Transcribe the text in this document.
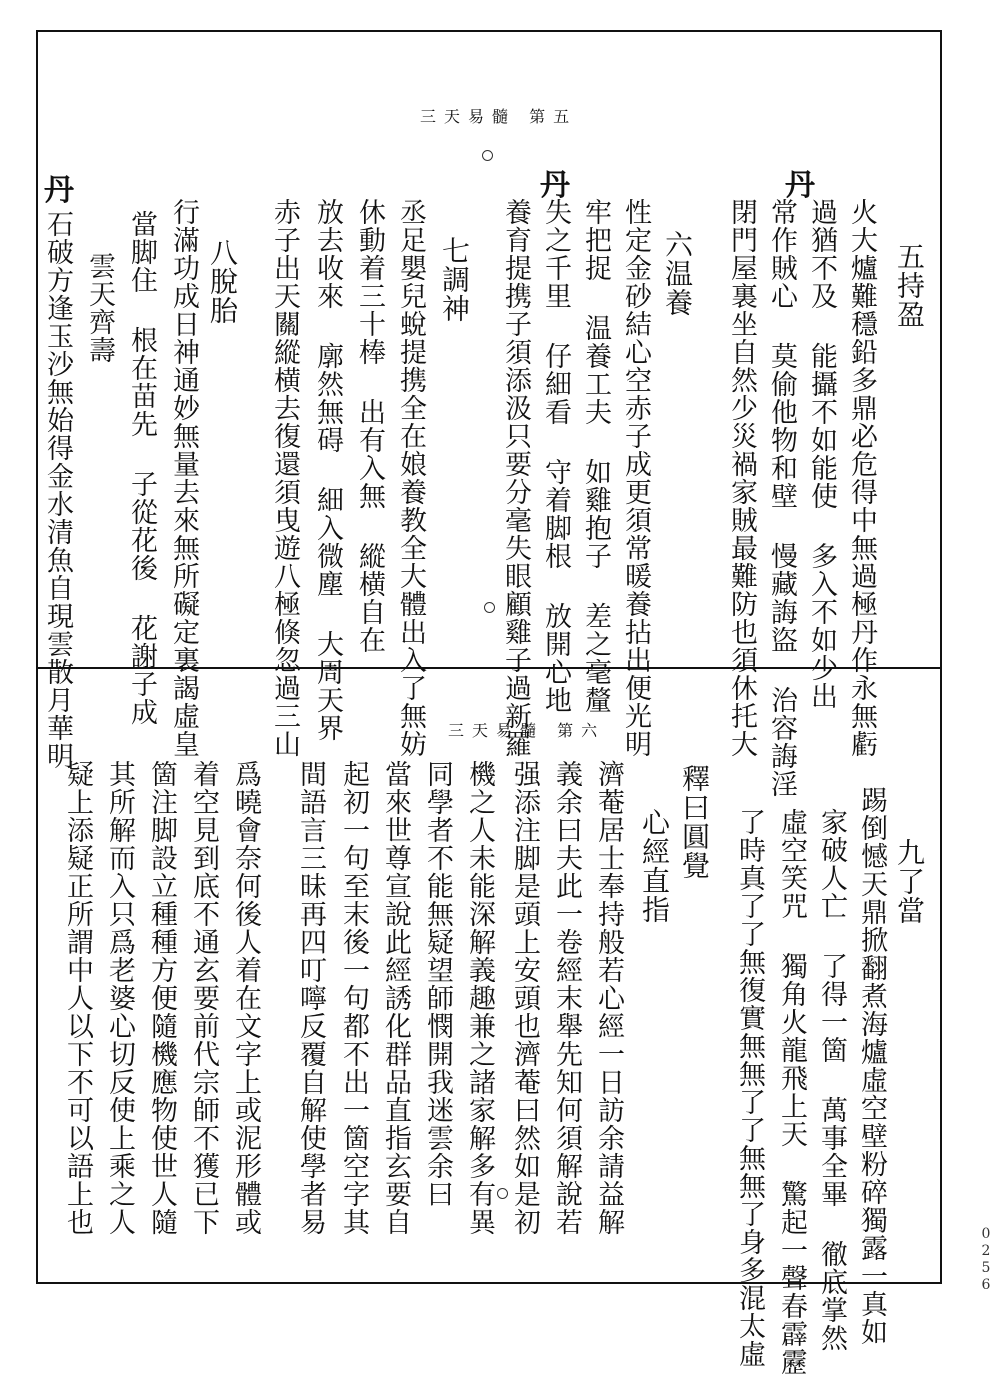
三天易髓 第五
丹
丹
丹
五持盈
火大爐難穩鉛多鼎必危得中無過極丹作永無虧
過猶不及 能攝不如能使 多入不如少出
常作賊心 莫偷他物和壁 慢藏誨盜 治容誨淫
閉門屋裏坐自然少災禍家賊最難防也須休托大
六温養
性定金砂結心空赤子成更須常暖養拈出便光明
牢把捉 温養工夫 如雞抱子 差之毫釐
失之千里 仔細看 守着脚根 放開心地
養育提携子須添汲只要分毫失眼顧雞子過新羅
七調神
丞足嬰兒蛻提携全在娘養教全大體出入了無妨
休動着三十棒 出有入無 縱横自在
放去收來 廓然無碍 細入微塵 大周天界
赤子出天關縱横去復還須曳遊八極倏忽過三山
八脫胎
行滿功成日神通妙無量去來無所礙定裏謁虛皇
當脚住 根在苗先 子從花後 花謝子成
雲天齊壽
石破方逢玉沙無始得金水清魚自現雲散月華明	三天易髓 第六
九了當
踢倒憾天鼎掀翻煮海爐虛空壁粉碎獨露一真如
家破人亡 了得一箇 萬事全畢 徹底掌然
虛空笑咒 獨角火龍飛上天 驚起一聲春霹靂
了時真了了無復實無無了了無無了身多混太虛
釋曰圓覺
心經直指
濟菴居士奉持般若心經一日訪余請益解
義余曰夫此一卷經末舉先知何須解說若
强添注脚是頭上安頭也濟菴曰然如是初
機之人未能深解義趣兼之諸家解多有異
同學者不能無疑望師憫開我迷雲余曰
當來世尊宣說此經誘化群品直指玄要自
起初一句至末後一句都不出一箇空字其
間語言三昧再四叮嚀反覆自解使學者易
爲曉會奈何後人着在文字上或泥形體或
着空見到底不通玄要前代宗師不獲已下
箇注脚設立種種方便隨機應物使世人隨
其所解而入只爲老婆心切反使上乘之人
疑上添疑正所謂中人以下不可以語上也
0256
